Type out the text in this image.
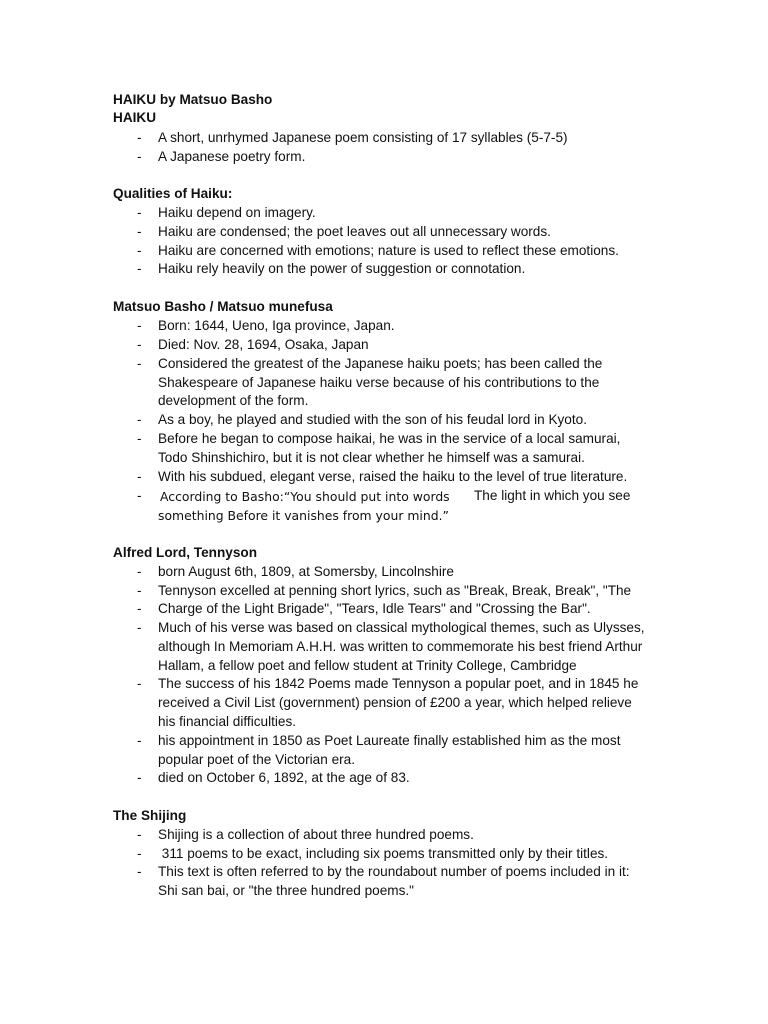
HAIKU by Matsuo Basho
HAIKU
- A short, unrhymed Japanese poem consisting of 17 syllables (5-7-5)
- A Japanese poetry form.
Qualities of Haiku:
- Haiku depend on imagery.
- Haiku are condensed; the poet leaves out all unnecessary words.
- Haiku are concerned with emotions; nature is used to reflect these emotions.
- Haiku rely heavily on the power of suggestion or connotation.
Matsuo Basho / Matsuo munefusa
- Born: 1644, Ueno, Iga province, Japan.
- Died: Nov. 28, 1694, Osaka, Japan
- Considered the greatest of the Japanese haiku poets; has been called the
Shakespeare of Japanese haiku verse because of his contributions to the
development of the form.
- As a boy, he played and studied with the son of his feudal lord in Kyoto.
- Before he began to compose haikai, he was in the service of a local samurai,
Todo Shinshichiro, but it is not clear whether he himself was a samurai.
- With his subdued, elegant verse, raised the haiku to the level of true literature.
- According to Basho:“You should put into words	The light in which you see
something Before it vanishes from your mind.”
Alfred Lord, Tennyson
- born August 6th, 1809, at Somersby, Lincolnshire
- Tennyson excelled at penning short lyrics, such as "Break, Break, Break", "The
- Charge of the Light Brigade", "Tears, Idle Tears" and "Crossing the Bar".
- Much of his verse was based on classical mythological themes, such as Ulysses,
although In Memoriam A.H.H. was written to commemorate his best friend Arthur
Hallam, a fellow poet and fellow student at Trinity College, Cambridge
- The success of his 1842 Poems made Tennyson a popular poet, and in 1845 he
received a Civil List (government) pension of £200 a year, which helped relieve
his financial difficulties.
- his appointment in 1850 as Poet Laureate finally established him as the most
popular poet of the Victorian era.
- died on October 6, 1892, at the age of 83.
The Shijing
- Shijing is a collection of about three hundred poems.
- 311 poems to be exact, including six poems transmitted only by their titles.
- This text is often referred to by the roundabout number of poems included in it:
Shi san bai, or "the three hundred poems."
